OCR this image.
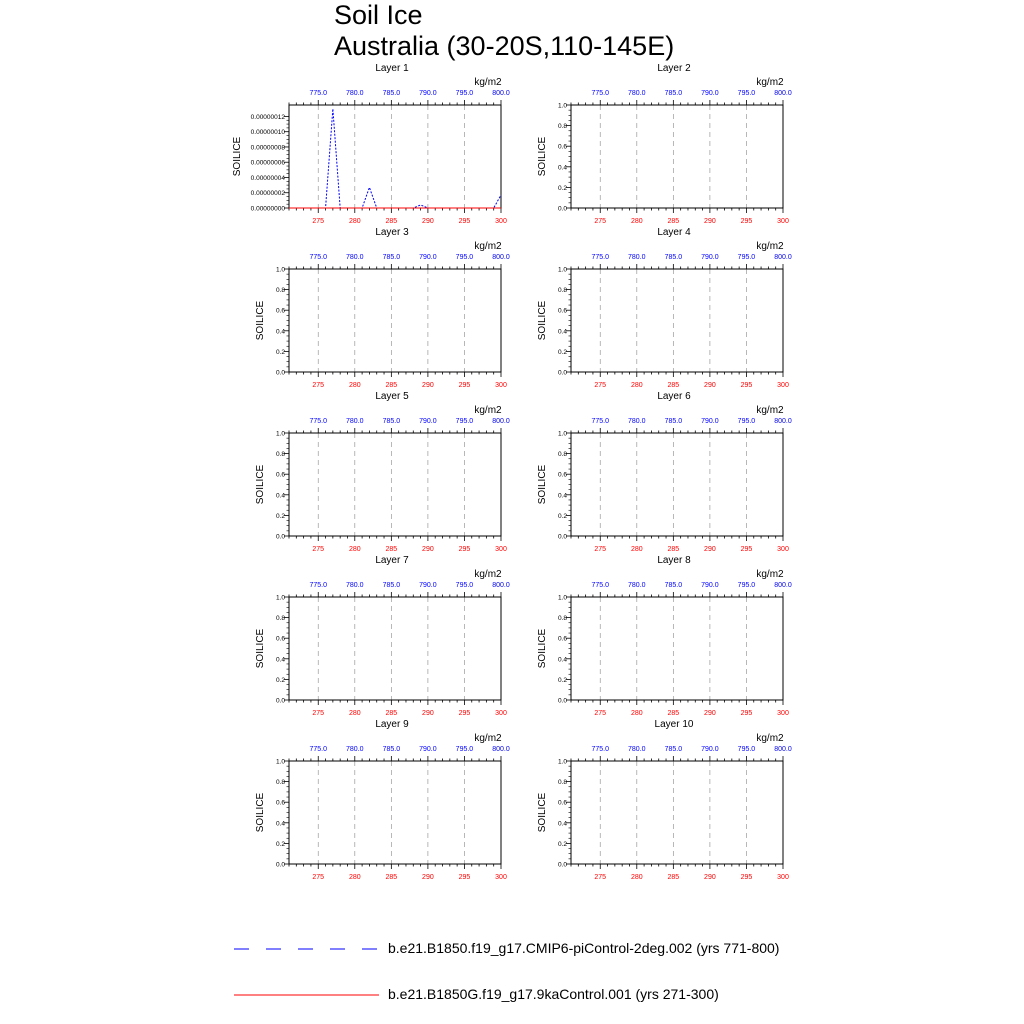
Soil Ice
Australia (30-20S,110-145E)
Layer 1
kg/m2
275	280	285	290	295	300
775.0	780.0	785.0	790.0	795.0	800.0
0.00000000
0.00000002
0.00000004
0.00000006
0.00000008
0.00000010
0.00000012
SOILICE
Layer 2
kg/m2
275	280	285	290	295	300
775.0	780.0	785.0	790.0	795.0	800.0
0.0
0.2
0.4
0.6
0.8
1.0
SOILICE
Layer 3
kg/m2
275	280	285	290	295	300
775.0	780.0	785.0	790.0	795.0	800.0
0.0
0.2
0.4
0.6
0.8
1.0
SOILICE
Layer 4
kg/m2
275	280	285	290	295	300
775.0	780.0	785.0	790.0	795.0	800.0
0.0
0.2
0.4
0.6
0.8
1.0
SOILICE
Layer 5
kg/m2
275	280	285	290	295	300
775.0	780.0	785.0	790.0	795.0	800.0
0.0
0.2
0.4
0.6
0.8
1.0
SOILICE
Layer 6
kg/m2
275	280	285	290	295	300
775.0	780.0	785.0	790.0	795.0	800.0
0.0
0.2
0.4
0.6
0.8
1.0
SOILICE
Layer 7
kg/m2
275	280	285	290	295	300
775.0	780.0	785.0	790.0	795.0	800.0
0.0
0.2
0.4
0.6
0.8
1.0
SOILICE
Layer 8
kg/m2
275	280	285	290	295	300
775.0	780.0	785.0	790.0	795.0	800.0
0.0
0.2
0.4
0.6
0.8
1.0
SOILICE
Layer 9
kg/m2
275	280	285	290	295	300
775.0	780.0	785.0	790.0	795.0	800.0
0.0
0.2
0.4
0.6
0.8
1.0
SOILICE
Layer 10
kg/m2
275	280	285	290	295	300
775.0	780.0	785.0	790.0	795.0	800.0
0.0
0.2
0.4
0.6
0.8
1.0
SOILICE
b.e21.B1850.f19_g17.CMIP6-piControl-2deg.002 (yrs 771-800)
b.e21.B1850G.f19_g17.9kaControl.001 (yrs 271-300)
